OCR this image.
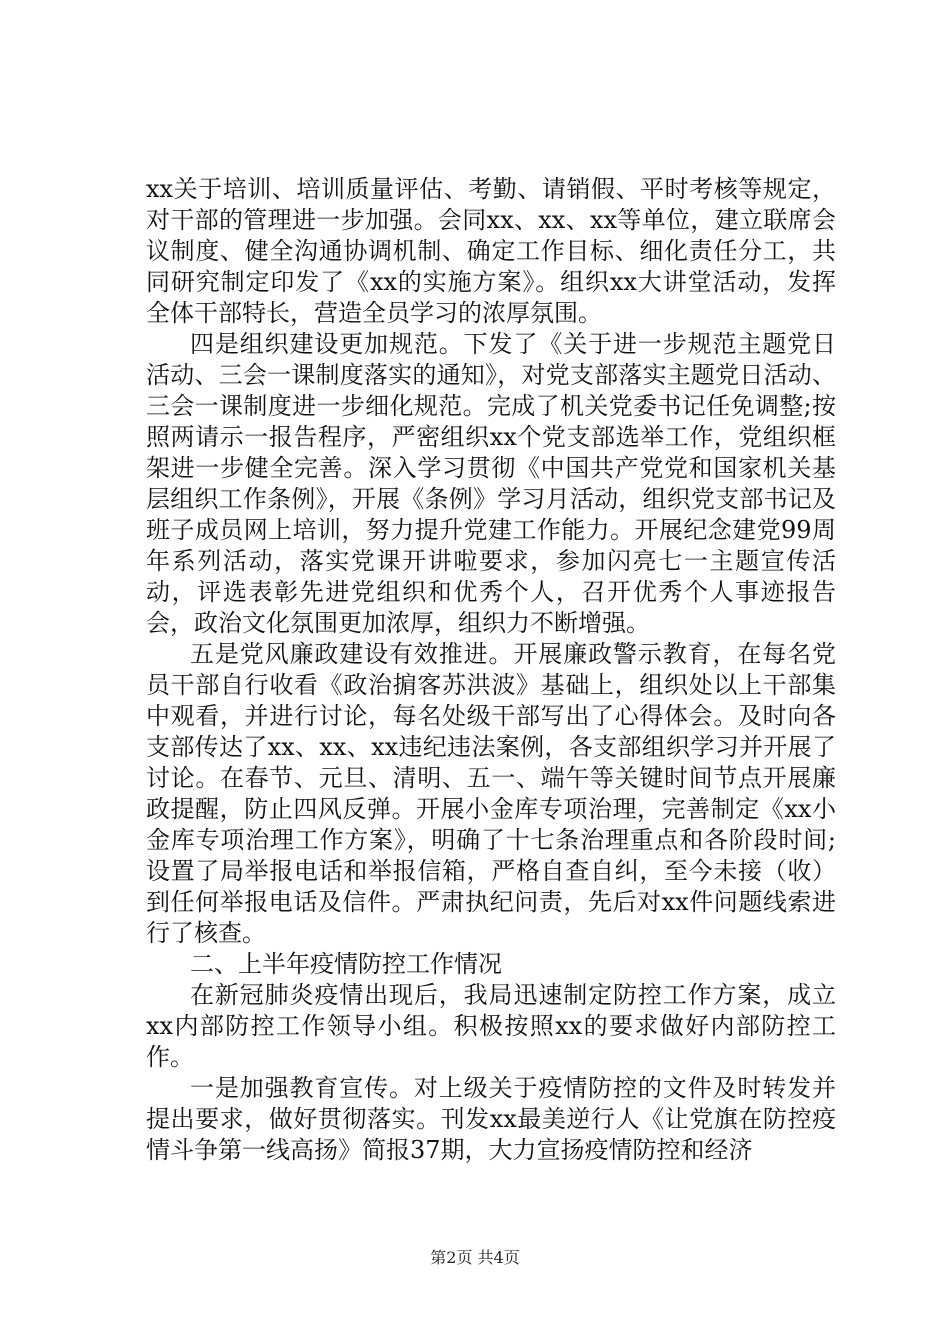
xx关于培训、培训质量评估、考勤、请销假、平时考核等规定，对干部的管理进一步加强。会同xx、xx、xx等单位，建立联席会议制度、健全沟通协调机制、确定工作目标、细化责任分工，共同研究制定印发了《xx的实施方案》。组织xx大讲堂活动，发挥全体干部特长，营造全员学习的浓厚氛围。

四是组织建设更加规范。下发了《关于进一步规范主题党日活动、三会一课制度落实的通知》，对党支部落实主题党日活动、三会一课制度进一步细化规范。完成了机关党委书记任免调整;按照两请示一报告程序，严密组织xx个党支部选举工作，党组织框架进一步健全完善。深入学习贯彻《中国共产党党和国家机关基层组织工作条例》，开展《条例》学习月活动，组织党支部书记及班子成员网上培训，努力提升党建工作能力。开展纪念建党99周年系列活动，落实党课开讲啦要求，参加闪亮七一主题宣传活动，评选表彰先进党组织和优秀个人，召开优秀个人事迹报告会，政治文化氛围更加浓厚，组织力不断增强。

五是党风廉政建设有效推进。开展廉政警示教育，在每名党员干部自行收看《政治掮客苏洪波》基础上，组织处以上干部集中观看，并进行讨论，每名处级干部写出了心得体会。及时向各支部传达了xx、xx、xx违纪违法案例，各支部组织学习并开展了讨论。在春节、元旦、清明、五一、端午等关键时间节点开展廉政提醒，防止四风反弹。开展小金库专项治理，完善制定《xx小金库专项治理工作方案》，明确了十七条治理重点和各阶段时间;设置了局举报电话和举报信箱，严格自查自纠，至今未接（收）到任何举报电话及信件。严肃执纪问责，先后对xx件问题线索进行了核查。

二、上半年疫情防控工作情况

在新冠肺炎疫情出现后，我局迅速制定防控工作方案，成立xx内部防控工作领导小组。积极按照xx的要求做好内部防控工作。

一是加强教育宣传。对上级关于疫情防控的文件及时转发并提出要求，做好贯彻落实。刊发xx最美逆行人《让党旗在防控疫情斗争第一线高扬》简报37期，大力宣扬疫情防控和经济

第2页 共4页
